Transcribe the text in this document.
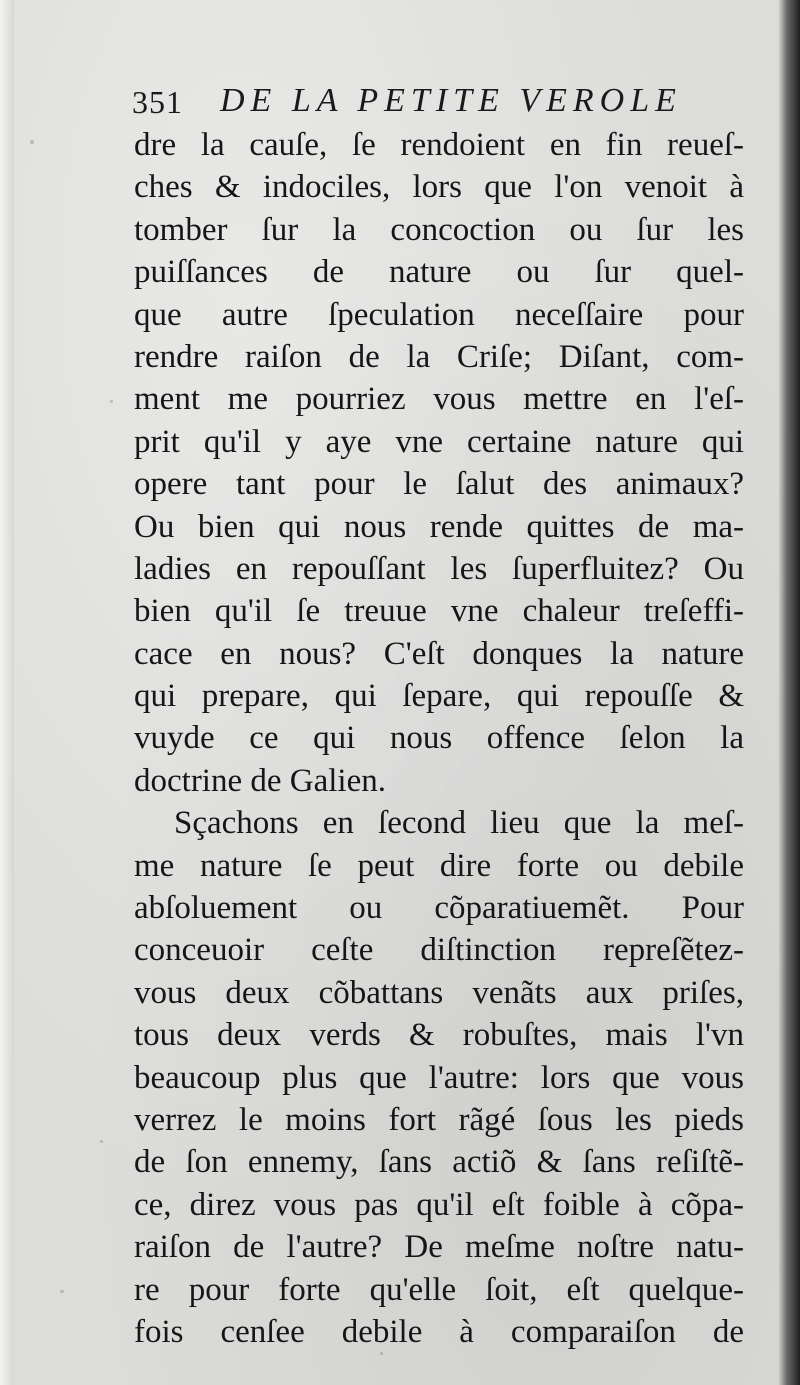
351 DE LA PETITE VEROLE
dre la cauſe, ſe rendoient en fin reueſ-
ches & indociles, lors que l'on venoit à
tomber ſur la concoction ou ſur les
puiſſances de nature ou ſur quel-
que autre ſpeculation neceſſaire pour
rendre raiſon de la Criſe; Diſant, com-
ment me pourriez vous mettre en l'eſ-
prit qu'il y aye vne certaine nature qui
opere tant pour le ſalut des animaux?
Ou bien qui nous rende quittes de ma-
ladies en repouſſant les ſuperfluitez? Ou
bien qu'il ſe treuue vne chaleur treſeffi-
cace en nous? C'eſt donques la nature
qui prepare, qui ſepare, qui repouſſe &
vuyde ce qui nous offence ſelon la
doctrine de Galien.
Sçachons en ſecond lieu que la meſ-
me nature ſe peut dire forte ou debile
abſoluement ou cõparatiuemẽt. Pour
conceuoir ceſte diſtinction repreſẽtez-
vous deux cõbattans venãts aux priſes,
tous deux verds & robuſtes, mais l'vn
beaucoup plus que l'autre: lors que vous
verrez le moins fort rãgé ſous les pieds
de ſon ennemy, ſans actiõ & ſans reſiſtẽ-
ce, direz vous pas qu'il eſt foible à cõpa-
raiſon de l'autre? De meſme noſtre natu-
re pour forte qu'elle ſoit, eſt quelque-
fois cenſee debile à comparaiſon de
